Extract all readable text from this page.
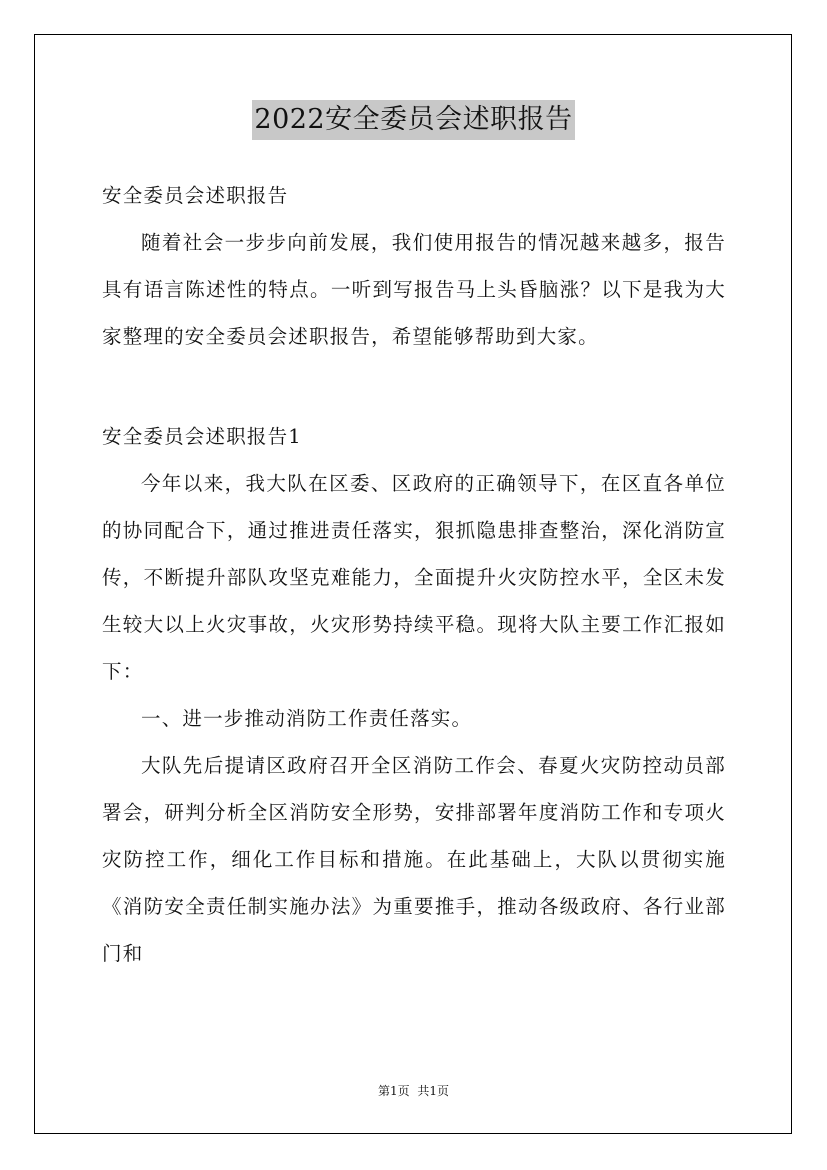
2022安全委员会述职报告

安全委员会述职报告

随着社会一步步向前发展，我们使用报告的情况越来越多，报告具有语言陈述性的特点。一听到写报告马上头昏脑涨？以下是我为大家整理的安全委员会述职报告，希望能够帮助到大家。

安全委员会述职报告1

今年以来，我大队在区委、区政府的正确领导下，在区直各单位的协同配合下，通过推进责任落实，狠抓隐患排查整治，深化消防宣传，不断提升部队攻坚克难能力，全面提升火灾防控水平，全区未发生较大以上火灾事故，火灾形势持续平稳。现将大队主要工作汇报如下：

一、进一步推动消防工作责任落实。

大队先后提请区政府召开全区消防工作会、春夏火灾防控动员部署会，研判分析全区消防安全形势，安排部署年度消防工作和专项火灾防控工作，细化工作目标和措施。在此基础上，大队以贯彻实施《消防安全责任制实施办法》为重要推手，推动各级政府、各行业部门和

第1页 共1页
